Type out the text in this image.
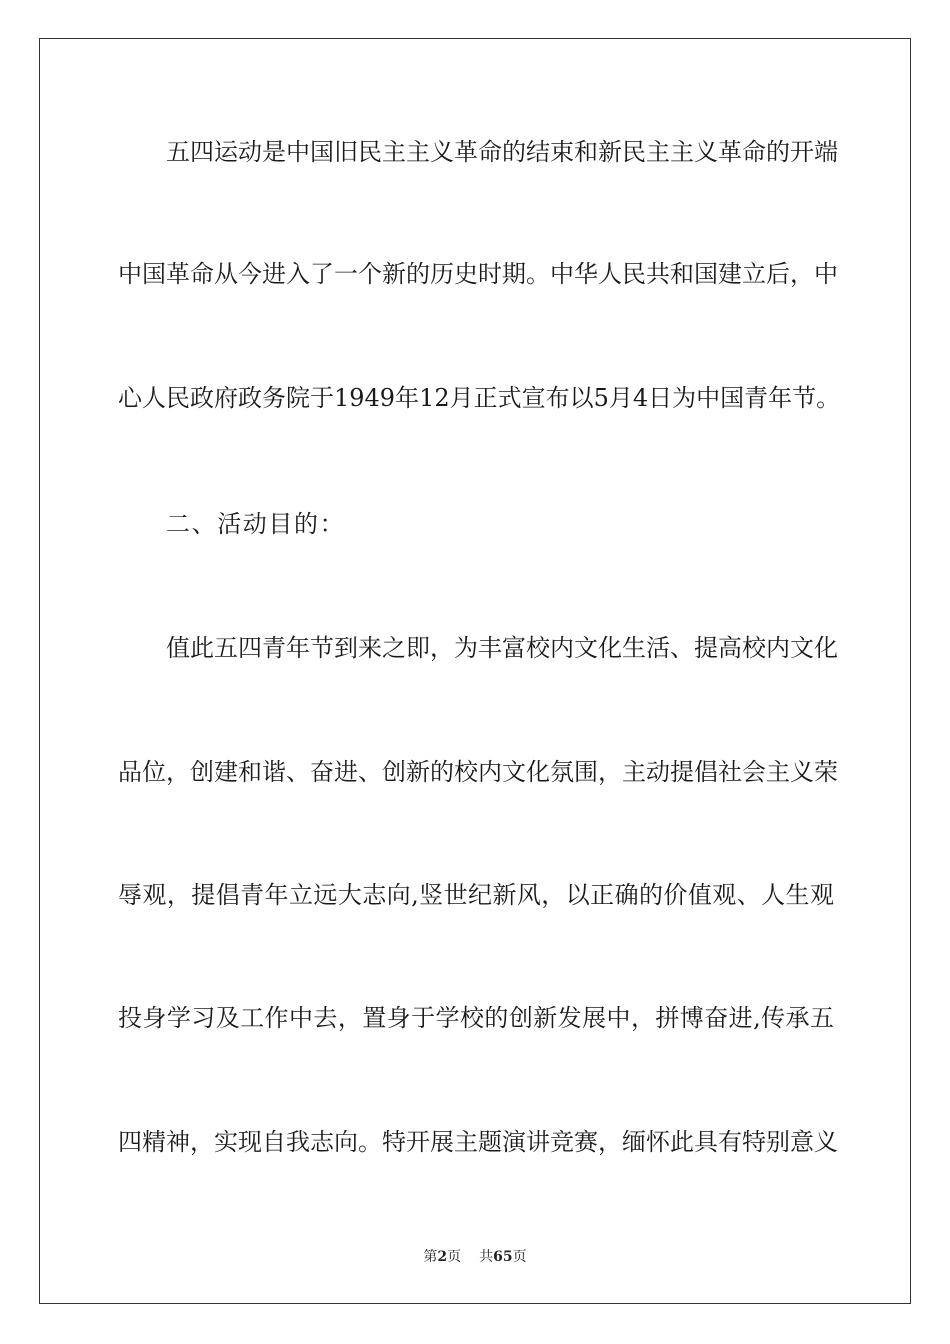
五四运动是中国旧民主主义革命的结束和新民主主义革命的开端
中国革命从今进入了一个新的历史时期。中华人民共和国建立后，中
心人民政府政务院于1949年12月正式宣布以5月4日为中国青年节。
二、活动目的：
值此五四青年节到来之即，为丰富校内文化生活、提高校内文化
品位，创建和谐、奋进、创新的校内文化氛围，主动提倡社会主义荣
辱观，提倡青年立远大志向,竖世纪新风，以正确的价值观、人生观
投身学习及工作中去，置身于学校的创新发展中，拼博奋进,传承五
四精神，实现自我志向。特开展主题演讲竞赛，缅怀此具有特别意义
第2页 共65页
